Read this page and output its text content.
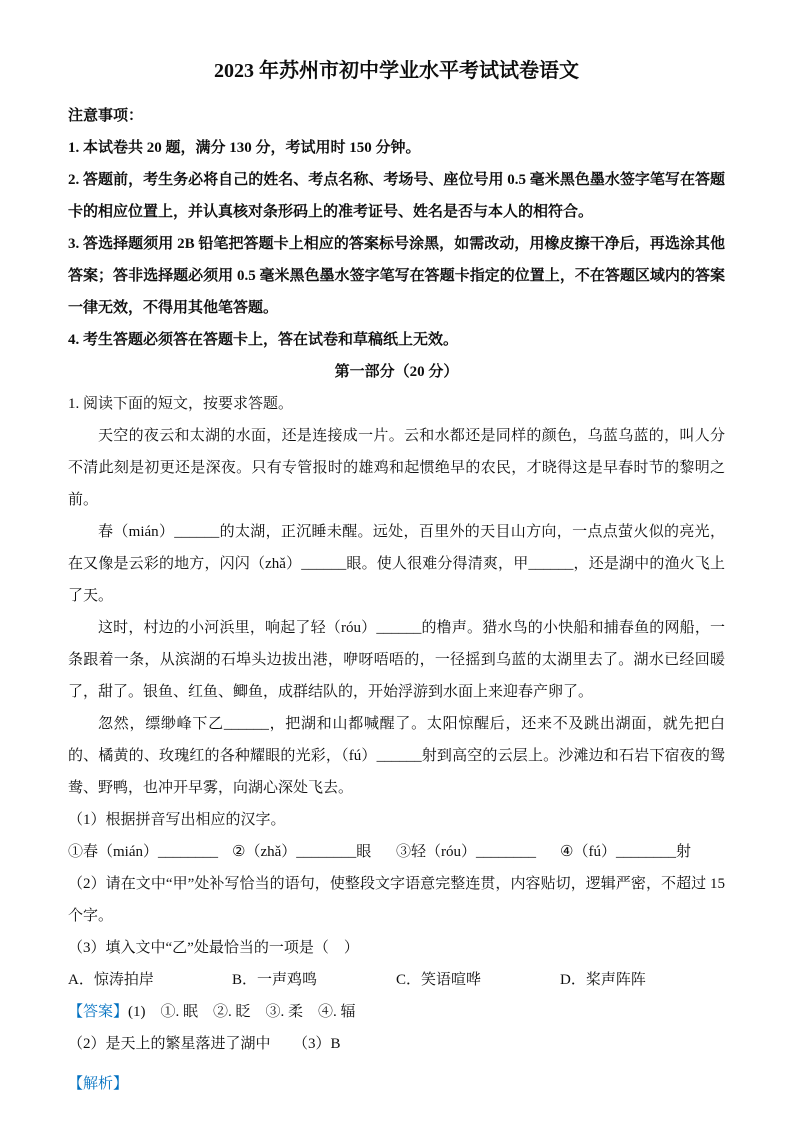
2023 年苏州市初中学业水平考试试卷语文

注意事项：

1. 本试卷共 20 题，满分 130 分，考试用时 150 分钟。

2. 答题前，考生务必将自己的姓名、考点名称、考场号、座位号用 0.5 毫米黑色墨水签字笔写在答题卡的相应位置上，并认真核对条形码上的准考证号、姓名是否与本人的相符合。

3. 答选择题须用 2B 铅笔把答题卡上相应的答案标号涂黑，如需改动，用橡皮擦干净后，再选涂其他答案；答非选择题必须用 0.5 毫米黑色墨水签字笔写在答题卡指定的位置上，不在答题区域内的答案一律无效，不得用其他笔答题。

4. 考生答题必须答在答题卡上，答在试卷和草稿纸上无效。

第一部分（20 分）

1. 阅读下面的短文，按要求答题。

天空的夜云和太湖的水面，还是连接成一片。云和水都还是同样的颜色，乌蓝乌蓝的，叫人分不清此刻是初更还是深夜。只有专管报时的雄鸡和起惯绝早的农民，才晓得这是早春时节的黎明之前。

春（mián）______的太湖，正沉睡未醒。远处，百里外的天目山方向，一点点萤火似的亮光，在又像是云彩的地方，闪闪（zhǎ）______眼。使人很难分得清爽，甲______，还是湖中的渔火飞上了天。

这时，村边的小河浜里，响起了轻（róu）______的橹声。猎水鸟的小快船和捕春鱼的网船，一条跟着一条，从滨湖的石埠头边拔出港，咿呀唔唔的，一径摇到乌蓝的太湖里去了。湖水已经回暖了，甜了。银鱼、红鱼、鲫鱼，成群结队的，开始浮游到水面上来迎春产卵了。

忽然，缥缈峰下乙______，把湖和山都喊醒了。太阳惊醒后，还来不及跳出湖面，就先把白的、橘黄的、玫瑰红的各种耀眼的光彩，（fú）______射到高空的云层上。沙滩边和石岩下宿夜的鸳鸯、野鸭，也冲开早雾，向湖心深处飞去。

（1）根据拼音写出相应的汉字。

①春（mián）________ ②（zhǎ）________眼	③轻（róu）________	④（fú）________射

（2）请在文中“甲”处补写恰当的语句，使整段文字语意完整连贯，内容贴切，逻辑严密，不超过 15 个字。

（3）填入文中“乙”处最恰当的一项是（　）

A．惊涛拍岸	B．一声鸡鸣	C．笑语喧哗	D．桨声阵阵

【答案】(1)　①. 眠　②. 眨　③. 柔　④. 辐

（2）是天上的繁星落进了湖中　　（3）B

【解析】
